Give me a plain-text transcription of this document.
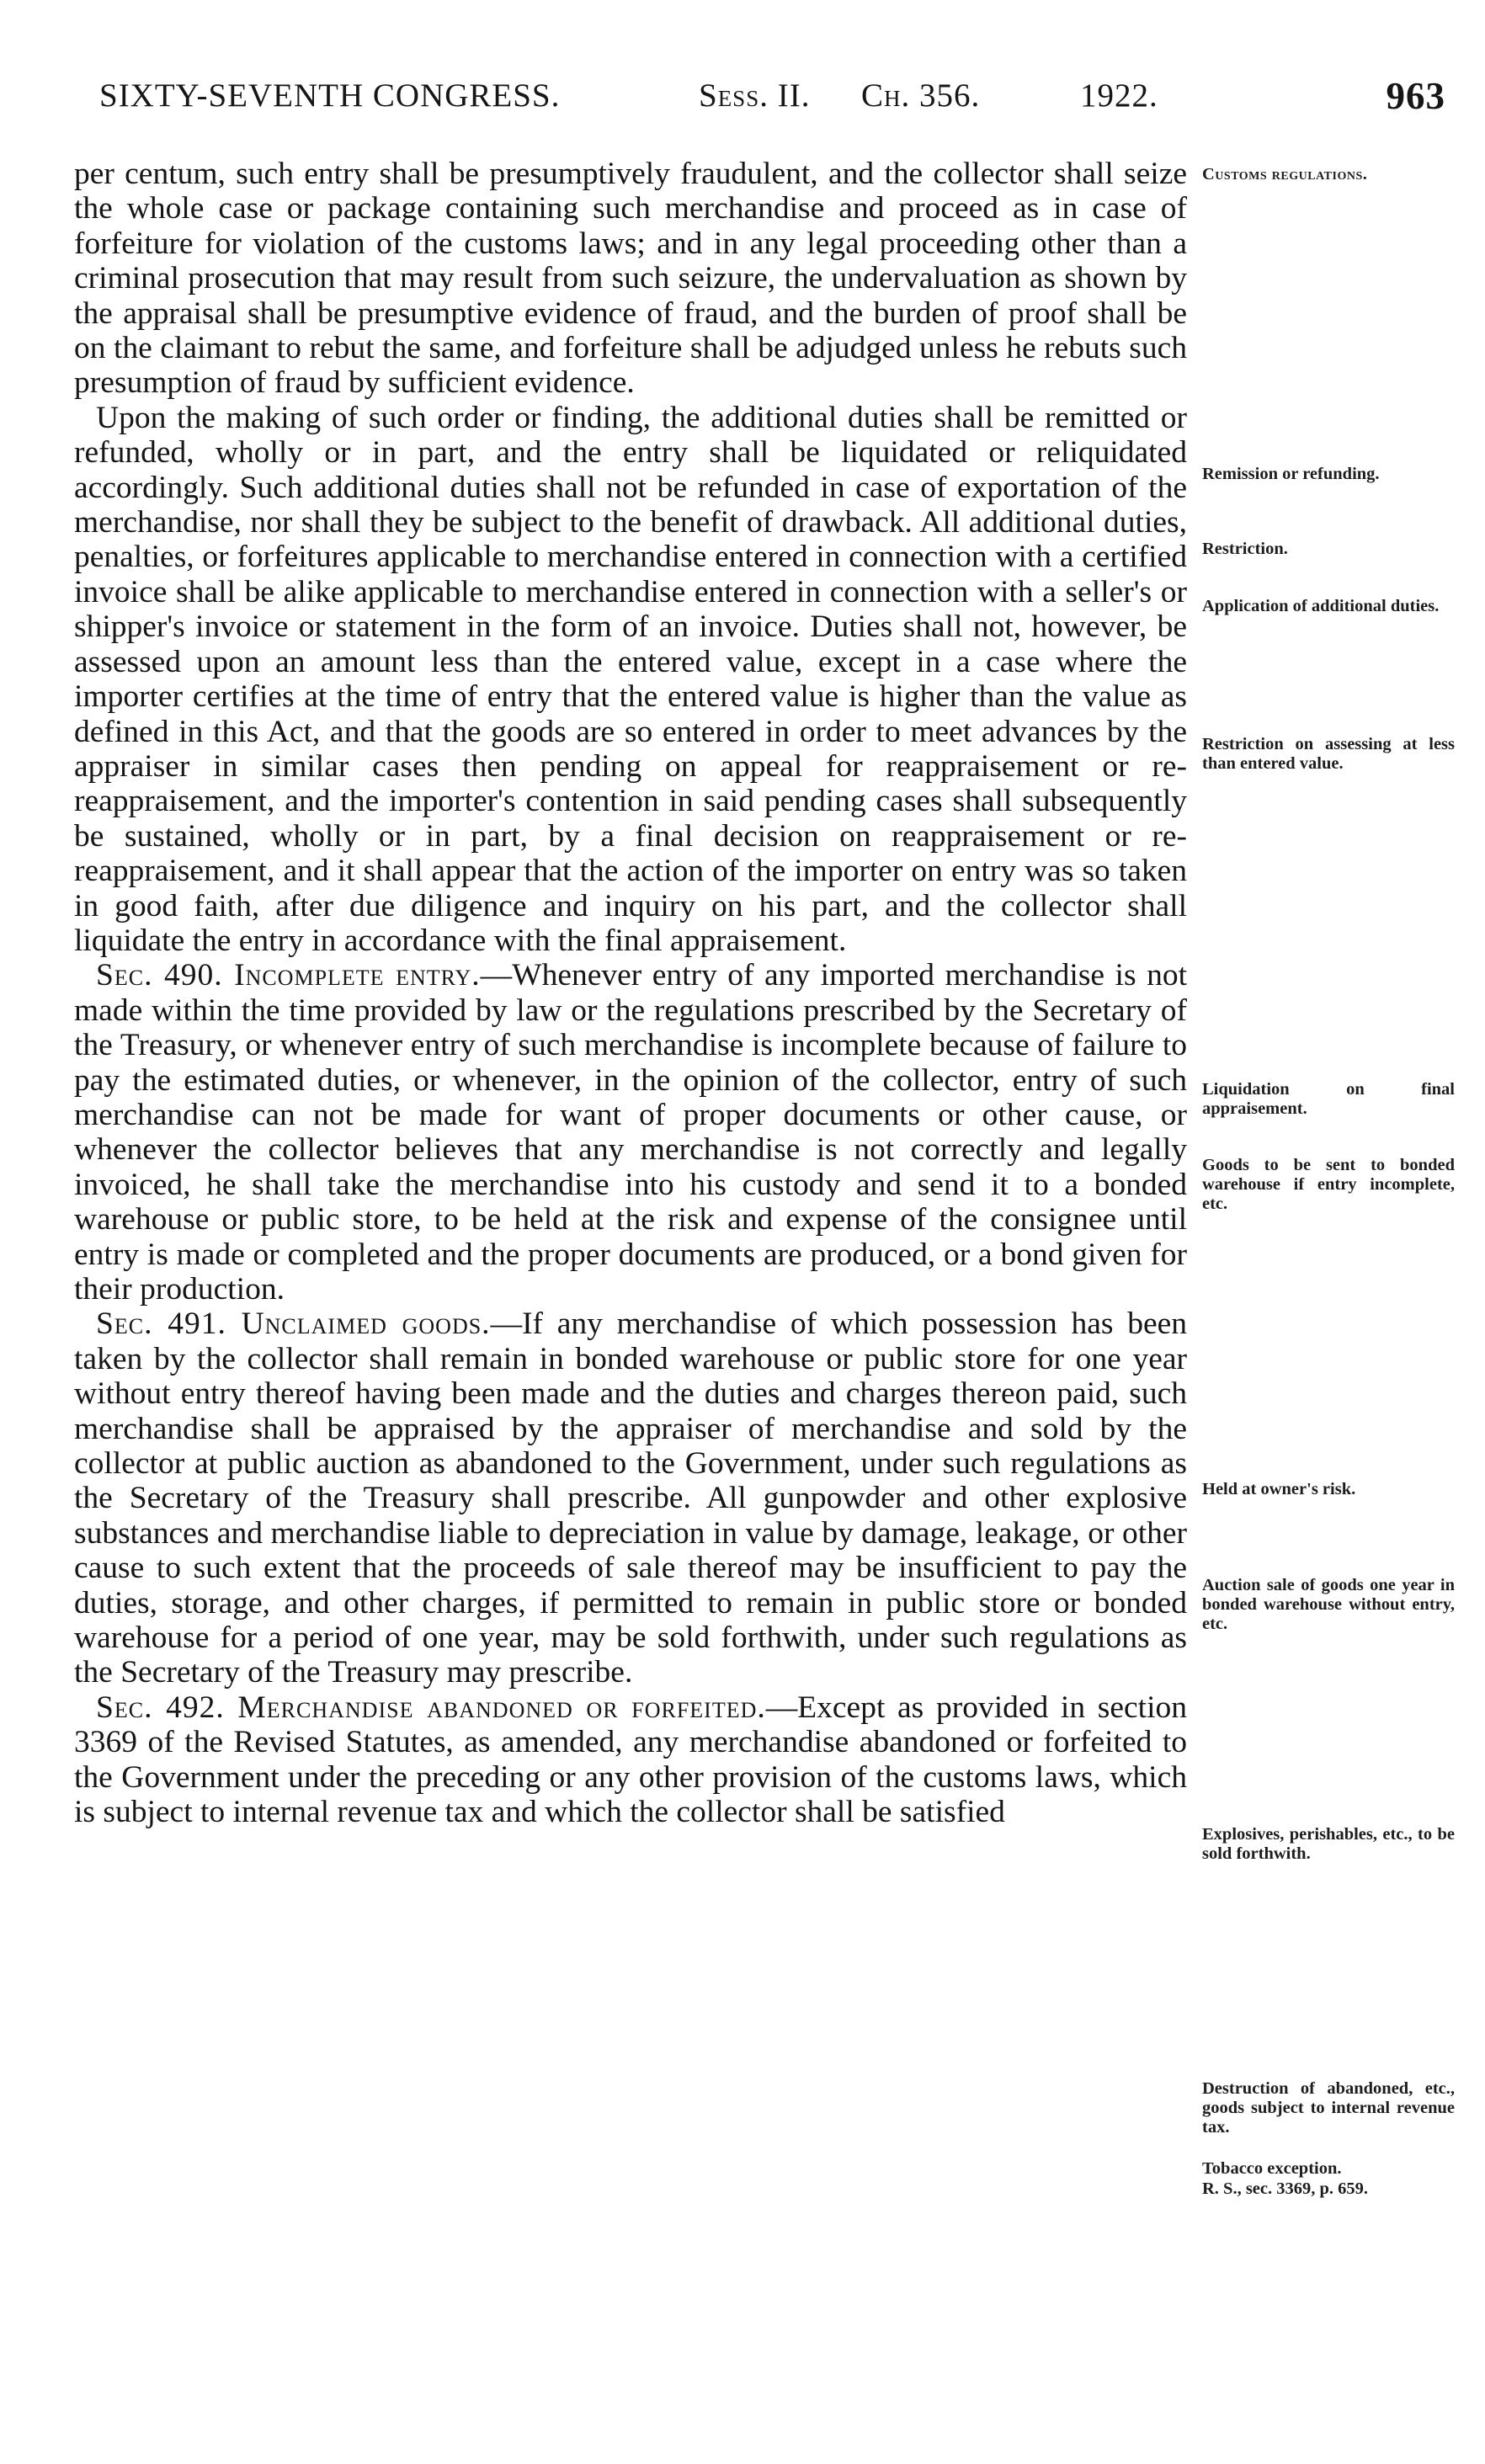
SIXTY-SEVENTH CONGRESS.	Sess. II. Ch. 356.	1922.	963

per centum, such entry shall be presumptively fraudulent, and the collector shall seize the whole case or package containing such merchandise and proceed as in case of forfeiture for violation of the customs laws; and in any legal proceeding other than a criminal prosecution that may result from such seizure, the undervaluation as shown by the appraisal shall be presumptive evidence of fraud, and the burden of proof shall be on the claimant to rebut the same, and forfeiture shall be adjudged unless he rebuts such presumption of fraud by sufficient evidence.

Upon the making of such order or finding, the additional duties shall be remitted or refunded, wholly or in part, and the entry shall be liquidated or reliquidated accordingly. Such additional duties shall not be refunded in case of exportation of the merchandise, nor shall they be subject to the benefit of drawback. All additional duties, penalties, or forfeitures applicable to merchandise entered in connection with a certified invoice shall be alike applicable to merchandise entered in connection with a seller's or shipper's invoice or statement in the form of an invoice. Duties shall not, however, be assessed upon an amount less than the entered value, except in a case where the importer certifies at the time of entry that the entered value is higher than the value as defined in this Act, and that the goods are so entered in order to meet advances by the appraiser in similar cases then pending on appeal for reappraisement or re-reappraisement, and the importer's contention in said pending cases shall subsequently be sustained, wholly or in part, by a final decision on reappraisement or re-reappraisement, and it shall appear that the action of the importer on entry was so taken in good faith, after due diligence and inquiry on his part, and the collector shall liquidate the entry in accordance with the final appraisement.

Sec. 490. Incomplete entry.—Whenever entry of any imported merchandise is not made within the time provided by law or the regulations prescribed by the Secretary of the Treasury, or whenever entry of such merchandise is incomplete because of failure to pay the estimated duties, or whenever, in the opinion of the collector, entry of such merchandise can not be made for want of proper documents or other cause, or whenever the collector believes that any merchandise is not correctly and legally invoiced, he shall take the merchandise into his custody and send it to a bonded warehouse or public store, to be held at the risk and expense of the consignee until entry is made or completed and the proper documents are produced, or a bond given for their production.

Sec. 491. Unclaimed goods.—If any merchandise of which possession has been taken by the collector shall remain in bonded warehouse or public store for one year without entry thereof having been made and the duties and charges thereon paid, such merchandise shall be appraised by the appraiser of merchandise and sold by the collector at public auction as abandoned to the Government, under such regulations as the Secretary of the Treasury shall prescribe. All gunpowder and other explosive substances and merchandise liable to depreciation in value by damage, leakage, or other cause to such extent that the proceeds of sale thereof may be insufficient to pay the duties, storage, and other charges, if permitted to remain in public store or bonded warehouse for a period of one year, may be sold forthwith, under such regulations as the Secretary of the Treasury may prescribe.

Sec. 492. Merchandise abandoned or forfeited.—Except as provided in section 3369 of the Revised Statutes, as amended, any merchandise abandoned or forfeited to the Government under the preceding or any other provision of the customs laws, which is subject to internal revenue tax and which the collector shall be satisfied

Customs regulations.
Remission or refunding.
Restriction.
Application of additional duties.
Restriction on assessing at less than entered value.
Liquidation on final appraisement.
Goods to be sent to bonded warehouse if entry incomplete, etc.
Held at owner's risk.
Auction sale of goods one year in bonded warehouse without entry, etc.
Explosives, perishables, etc., to be sold forthwith.
Destruction of abandoned, etc., goods subject to internal revenue tax.
Tobacco exception.
R. S., sec. 3369, p. 659.
